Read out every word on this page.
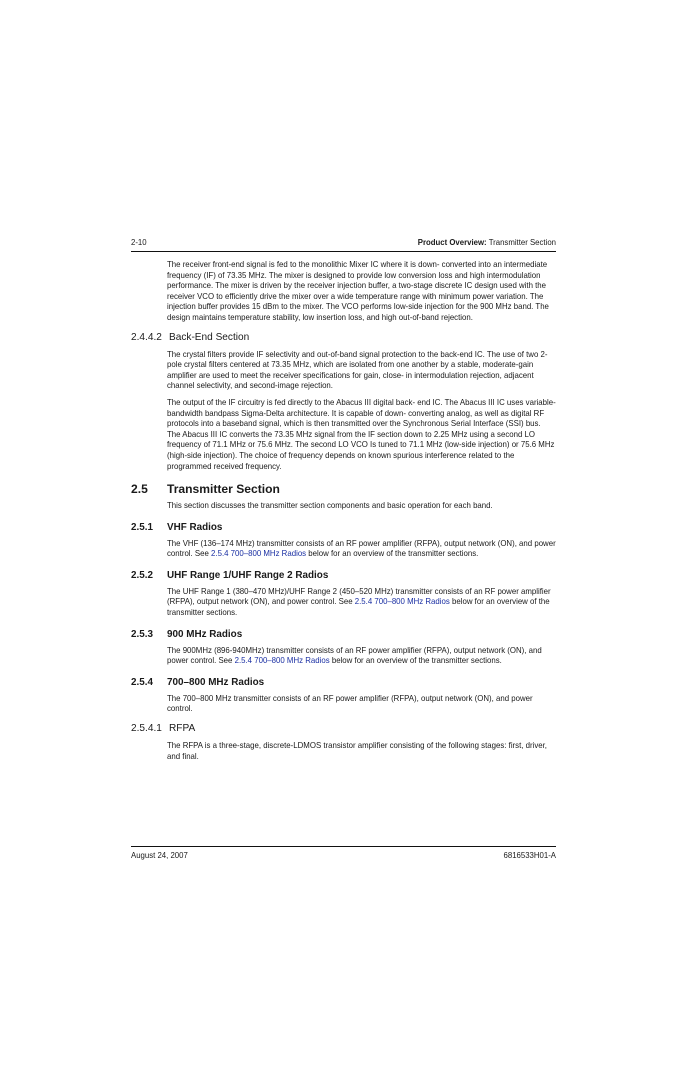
2-10	Product Overview: Transmitter Section

The receiver front-end signal is fed to the monolithic Mixer IC where it is down- converted into an intermediate frequency (IF) of 73.35 MHz. The mixer is designed to provide low conversion loss and high intermodulation performance. The mixer is driven by the receiver injection buffer, a two-stage discrete IC design used with the receiver VCO to efficiently drive the mixer over a wide temperature range with minimum power variation. The injection buffer provides 15 dBm to the mixer. The VCO performs low-side injection for the 900 MHz band. The design maintains temperature stability, low insertion loss, and high out-of-band rejection.

2.4.4.2 Back-End Section

The crystal filters provide IF selectivity and out-of-band signal protection to the back-end IC. The use of two 2- pole crystal filters centered at 73.35 MHz, which are isolated from one another by a stable, moderate-gain amplifier are used to meet the receiver specifications for gain, close- in intermodulation rejection, adjacent channel selectivity, and second-image rejection.

The output of the IF circuitry is fed directly to the Abacus III digital back- end IC. The Abacus III IC uses variable- bandwidth bandpass Sigma-Delta architecture. It is capable of down- converting analog, as well as digital RF protocols into a baseband signal, which is then transmitted over the Synchronous Serial Interface (SSI) bus. The Abacus III IC converts the 73.35 MHz signal from the IF section down to 2.25 MHz using a second LO frequency of 71.1 MHz or 75.6 MHz. The second LO VCO Is tuned to 71.1 MHz (low-side injection) or 75.6 MHz (high-side injection). The choice of frequency depends on known spurious interference related to the programmed received frequency.

2.5 Transmitter Section

This section discusses the transmitter section components and basic operation for each band.

2.5.1 VHF Radios

The VHF (136–174 MHz) transmitter consists of an RF power amplifier (RFPA), output network (ON), and power control. See 2.5.4 700–800 MHz Radios below for an overview of the transmitter sections.

2.5.2 UHF Range 1/UHF Range 2 Radios

The UHF Range 1 (380–470 MHz)/UHF Range 2 (450–520 MHz) transmitter consists of an RF power amplifier (RFPA), output network (ON), and power control. See 2.5.4 700–800 MHz Radios below for an overview of the transmitter sections.

2.5.3 900 MHz Radios

The 900MHz (896-940MHz) transmitter consists of an RF power amplifier (RFPA), output network (ON), and power control. See 2.5.4 700–800 MHz Radios below for an overview of the transmitter sections.

2.5.4 700–800 MHz Radios

The 700–800 MHz transmitter consists of an RF power amplifier (RFPA), output network (ON), and power control.

2.5.4.1 RFPA

The RFPA is a three-stage, discrete-LDMOS transistor amplifier consisting of the following stages: first, driver, and final.

August 24, 2007	6816533H01-A
